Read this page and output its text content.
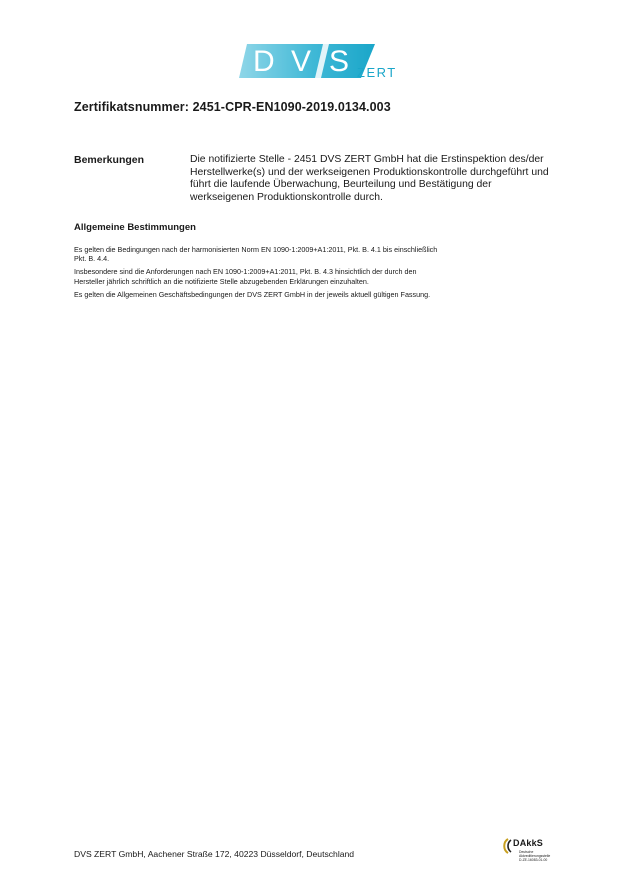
D V S ZERT
Zertifikatsnummer: 2451-CPR-EN1090-2019.0134.003
Bemerkungen	Die notifizierte Stelle - 2451 DVS ZERT GmbH hat die Erstinspektion des/der
Herstellwerke(s) und der werkseigenen Produktionskontrolle durchgeführt und
führt die laufende Überwachung, Beurteilung und Bestätigung der
werkseigenen Produktionskontrolle durch.
Allgemeine Bestimmungen
Es gelten die Bedingungen nach der harmonisierten Norm EN 1090-1:2009+A1:2011, Pkt. B. 4.1 bis einschließlich
Pkt. B. 4.4.
Insbesondere sind die Anforderungen nach EN 1090-1:2009+A1:2011, Pkt. B. 4.3 hinsichtlich der durch den
Hersteller jährlich schriftlich an die notifizierte Stelle abzugebenden Erklärungen einzuhalten.
Es gelten die Allgemeinen Geschäftsbedingungen der DVS ZERT GmbH in der jeweils aktuell gültigen Fassung.
DVS ZERT GmbH, Aachener Straße 172, 40223 Düsseldorf, Deutschland
DAkkS
Deutsche
Akkreditierungsstelle
D-ZE-16083-01-00
